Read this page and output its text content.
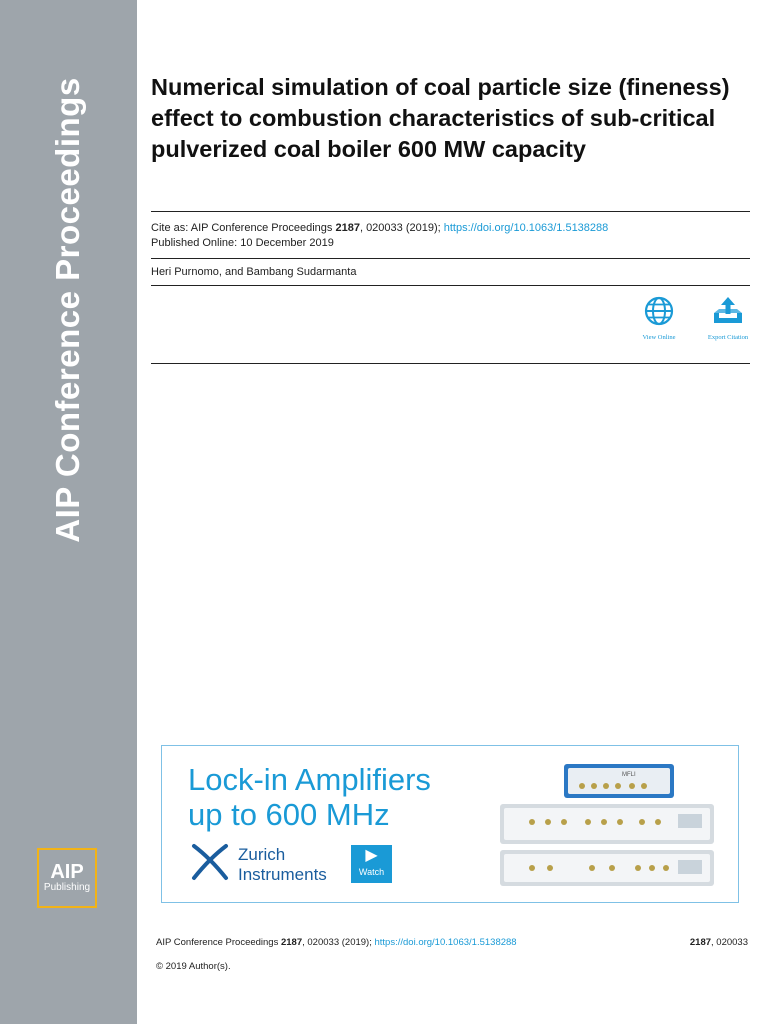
AIP Conference Proceedings
AIP
Publishing
Numerical simulation of coal particle size (fineness) effect to combustion characteristics of sub-critical pulverized coal boiler 600 MW capacity
Cite as: AIP Conference Proceedings 2187, 020033 (2019); https://doi.org/10.1063/1.5138288
Published Online: 10 December 2019
Heri Purnomo, and Bambang Sudarmanta
View Online	Export Citation
Lock-in Amplifiers
up to 600 MHz
Zurich
Instruments
▶
Watch
MFLI
AIP Conference Proceedings 2187, 020033 (2019); https://doi.org/10.1063/1.5138288	2187, 020033
© 2019 Author(s).
